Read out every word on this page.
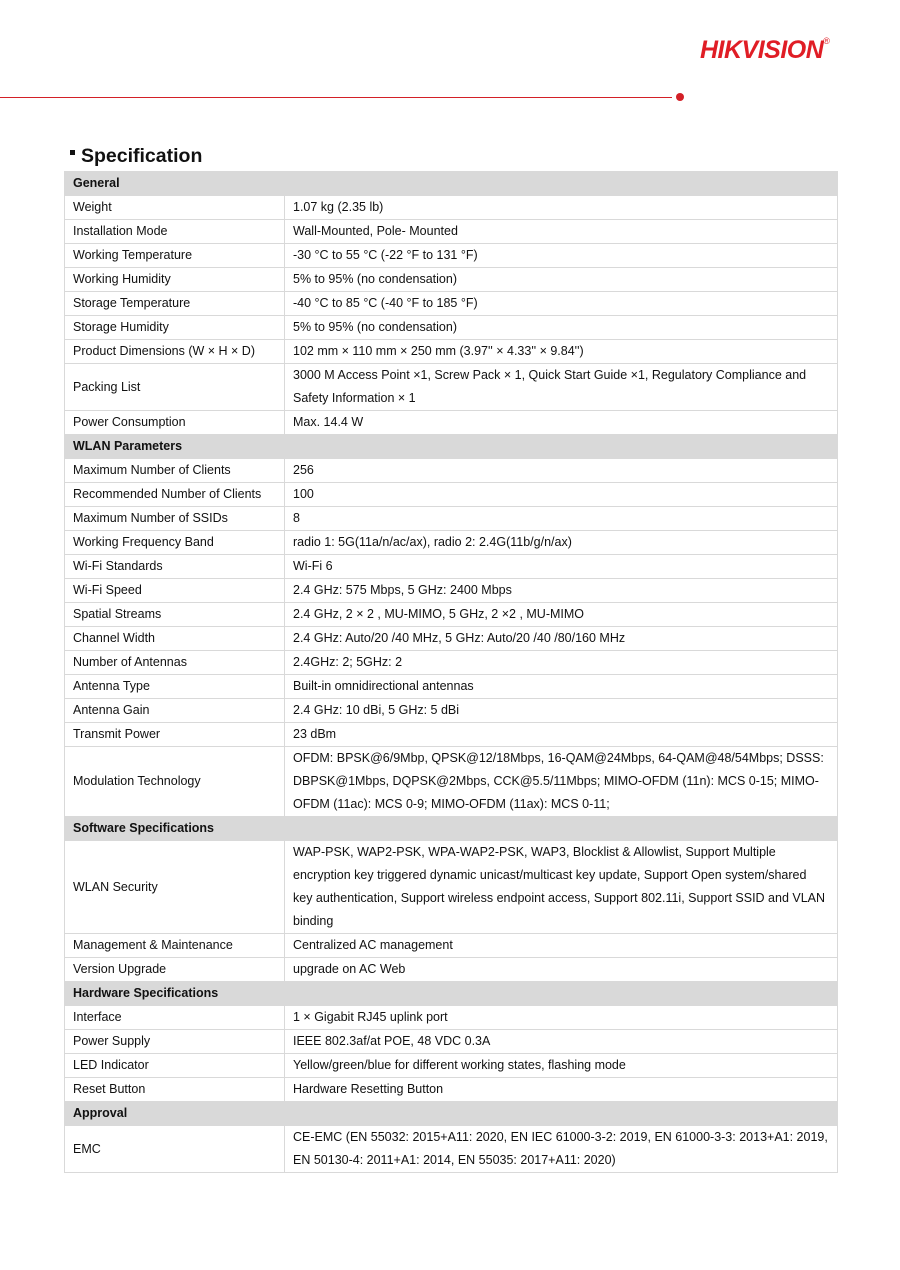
HIKVISION®
Specification
General	
Weight	1.07 kg (2.35 lb)
Installation Mode	Wall-Mounted, Pole- Mounted
Working Temperature	-30 °C to 55 °C (-22 °F to 131 °F)
Working Humidity	5% to 95% (no condensation)
Storage Temperature	-40 °C to 85 °C (-40 °F to 185 °F)
Storage Humidity	5% to 95% (no condensation)
Product Dimensions (W × H × D)	102 mm × 110 mm × 250 mm (3.97'' × 4.33'' × 9.84'')
Packing List	3000 M Access Point ×1, Screw Pack × 1, Quick Start Guide ×1, Regulatory Compliance and Safety Information × 1
Power Consumption	Max. 14.4 W
WLAN Parameters	
Maximum Number of Clients	256
Recommended Number of Clients	100
Maximum Number of SSIDs	8
Working Frequency Band	radio 1: 5G(11a/n/ac/ax), radio 2: 2.4G(11b/g/n/ax)
Wi-Fi Standards	Wi-Fi 6
Wi-Fi Speed	2.4 GHz: 575 Mbps, 5 GHz: 2400 Mbps
Spatial Streams	2.4 GHz, 2 × 2 , MU-MIMO, 5 GHz, 2 ×2 , MU-MIMO
Channel Width	2.4 GHz: Auto/20 /40 MHz, 5 GHz: Auto/20 /40 /80/160 MHz
Number of Antennas	2.4GHz: 2; 5GHz: 2
Antenna Type	Built-in omnidirectional antennas
Antenna Gain	2.4 GHz: 10 dBi, 5 GHz: 5 dBi
Transmit Power	23 dBm
Modulation Technology	OFDM: BPSK@6/9Mbp, QPSK@12/18Mbps, 16-QAM@24Mbps, 64-QAM@48/54Mbps; DSSS: DBPSK@1Mbps, DQPSK@2Mbps, CCK@5.5/11Mbps; MIMO-OFDM (11n): MCS 0-15; MIMO-OFDM (11ac): MCS 0-9; MIMO-OFDM (11ax): MCS 0-11;
Software Specifications	
WLAN Security	WAP-PSK, WAP2-PSK, WPA-WAP2-PSK, WAP3, Blocklist & Allowlist, Support Multiple encryption key triggered dynamic unicast/multicast key update, Support Open system/shared key authentication, Support wireless endpoint access, Support 802.11i, Support SSID and VLAN binding
Management & Maintenance	Centralized AC management
Version Upgrade	upgrade on AC Web
Hardware Specifications	
Interface	1 × Gigabit RJ45 uplink port
Power Supply	IEEE 802.3af/at POE, 48 VDC 0.3A
LED Indicator	Yellow/green/blue for different working states, flashing mode
Reset Button	Hardware Resetting Button
Approval	
EMC	CE-EMC (EN 55032: 2015+A11: 2020, EN IEC 61000-3-2: 2019, EN 61000-3-3: 2013+A1: 2019, EN 50130-4: 2011+A1: 2014, EN 55035: 2017+A11: 2020)
